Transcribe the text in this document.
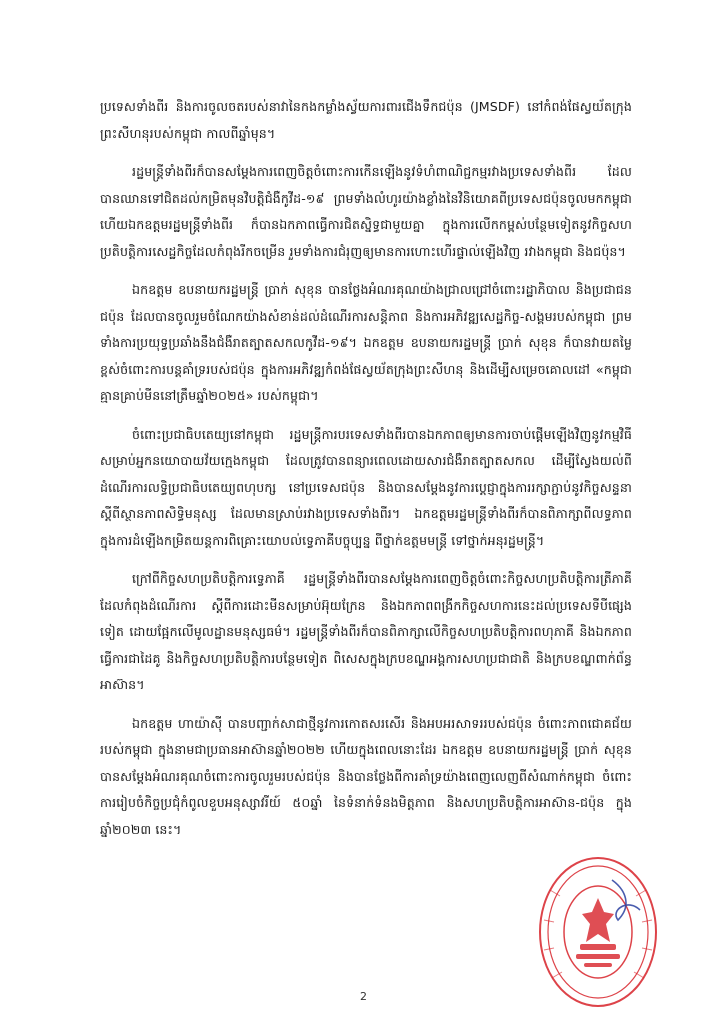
ប្រទេសទាំងពីរ និងការចូលចតរបស់នាវានៃកងកម្លាំងស្វ័យការពារជើងទឹកជប៉ុន (JMSDF) នៅកំពង់ផែស្វយ័តក្រុងព្រះសីហនុរបស់កម្ពុជា កាលពីឆ្នាំមុន។

រដ្ឋមន្ត្រីទាំងពីរក៏បានសម្តែងការពេញចិត្តចំពោះការកើនឡើងនូវទំហំពាណិជ្ជកម្មរវាងប្រទេសទាំងពីរ ដែលបានឈានទៅជិតដល់កម្រិតមុនវិបត្តិជំងឺកូវីដ-១៩ ព្រមទាំងលំហូរយ៉ាងខ្លាំងនៃវិនិយោគពីប្រទេសជប៉ុនចូលមកកម្ពុជា ហើយឯកឧត្តមរដ្ឋមន្ត្រីទាំងពីរ ក៏បានឯកភាពធ្វើការជិតស្និទ្ធជាមួយគ្នា ក្នុងការលើកកម្ពស់បន្ថែមទៀតនូវកិច្ចសហប្រតិបត្តិការសេដ្ឋកិច្ចដែលកំពុងរីកចម្រើន រួមទាំងការជំរុញឲ្យមានការហោះហើរផ្ទាល់ឡើងវិញ រវាងកម្ពុជា និងជប៉ុន។

ឯកឧត្តម ឧបនាយករដ្ឋមន្ត្រី ប្រាក់ សុខុន បានថ្លែងអំណរគុណយ៉ាងជ្រាលជ្រៅចំពោះរដ្ឋាភិបាល និងប្រជាជនជប៉ុន ដែលបានចូលរួមចំណែកយ៉ាងសំខាន់ដល់ដំណើរការសន្តិភាព និងការអភិវឌ្ឍសេដ្ឋកិច្ច-សង្គមរបស់កម្ពុជា ព្រមទាំងការប្រយុទ្ធប្រឆាំងនឹងជំងឺរាតត្បាតសកលកូវីដ-១៩។ ឯកឧត្តម ឧបនាយករដ្ឋមន្ត្រី ប្រាក់ សុខុន ក៏បានវាយតម្លៃខ្ពស់ចំពោះការបន្តគាំទ្ររបស់ជប៉ុន ក្នុងការអភិវឌ្ឍកំពង់ផែស្វយ័តក្រុងព្រះសីហនុ និងដើម្បីសម្រេចគោលដៅ «កម្ពុជាគ្មានគ្រាប់មីននៅត្រឹមឆ្នាំ២០២៥» របស់កម្ពុជា។

ចំពោះប្រជាធិបតេយ្យនៅកម្ពុជា រដ្ឋមន្ត្រីការបរទេសទាំងពីរបានឯកភាពឲ្យមានការចាប់ផ្តើមឡើងវិញនូវកម្មវិធីសម្រាប់អ្នកនយោបាយវ័យក្មេងកម្ពុជា ដែលត្រូវបានពន្យារពេលដោយសារជំងឺរាតត្បាតសកល ដើម្បីស្វែងយល់ពីដំណើរការលទ្ធិប្រជាធិបតេយ្យពហុបក្ស នៅប្រទេសជប៉ុន និងបានសម្តែងនូវការប្តេជ្ញាក្នុងការរក្សាភ្ជាប់នូវកិច្ចសន្ទនា ស្តីពីស្ថានភាពសិទ្ធិមនុស្ស ដែលមានស្រាប់រវាងប្រទេសទាំងពីរ។ ឯកឧត្តមរដ្ឋមន្ត្រីទាំងពីរក៏បានពិភាក្សាពីលទ្ធភាព ក្នុងការដំឡើងកម្រិតយន្តការពិគ្រោះយោបល់ទ្វេភាគីបច្ចុប្បន្ន ពីថ្នាក់ឧត្តមមន្ត្រី ទៅថ្នាក់អនុរដ្ឋមន្ត្រី។

ក្រៅពីកិច្ចសហប្រតិបត្តិការទ្វេភាគី រដ្ឋមន្ត្រីទាំងពីរបានសម្តែងការពេញចិត្តចំពោះកិច្ចសហប្រតិបត្តិការត្រីភាគី ដែលកំពុងដំណើរការ ស្តីពីការដោះមីនសម្រាប់អ៊ុយក្រែន និងឯកភាពពង្រីកកិច្ចសហការនេះដល់ប្រទេសទីបីផ្សេងទៀត ដោយផ្អែកលើមូលដ្ឋានមនុស្សធម៌។ រដ្ឋមន្ត្រីទាំងពីរក៏បានពិភាក្សាលើកិច្ចសហប្រតិបត្តិការពហុភាគី និងឯកភាពធ្វើការជាដៃគូ និងកិច្ចសហប្រតិបត្តិការបន្ថែមទៀត ពិសេសក្នុងក្របខណ្ឌអង្គការសហប្រជាជាតិ និងក្របខណ្ឌពាក់ព័ន្ធអាស៊ាន។

ឯកឧត្តម ហាយ៉ាស៊ី បានបញ្ជាក់សាជាថ្មីនូវការកោតសរសើរ និងអបអរសាទររបស់ជប៉ុន ចំពោះភាពជោគជ័យរបស់កម្ពុជា ក្នុងនាមជាប្រធានអាស៊ានឆ្នាំ២០២២ ហើយក្នុងពេលនោះដែរ ឯកឧត្តម ឧបនាយករដ្ឋមន្ត្រី ប្រាក់ សុខុន បានសម្តែងអំណរគុណចំពោះការចូលរួមរបស់ជប៉ុន និងបានថ្លែងពីការគាំទ្រយ៉ាងពេញលេញពីសំណាក់កម្ពុជា ចំពោះការរៀបចំកិច្ចប្រជុំកំពូលខួបអនុស្សាវរីយ៍ ៥០ឆ្នាំ នៃទំនាក់ទំនងមិត្តភាព និងសហប្រតិបត្តិការអាស៊ាន-ជប៉ុន ក្នុងឆ្នាំ២០២៣ នេះ។

2
